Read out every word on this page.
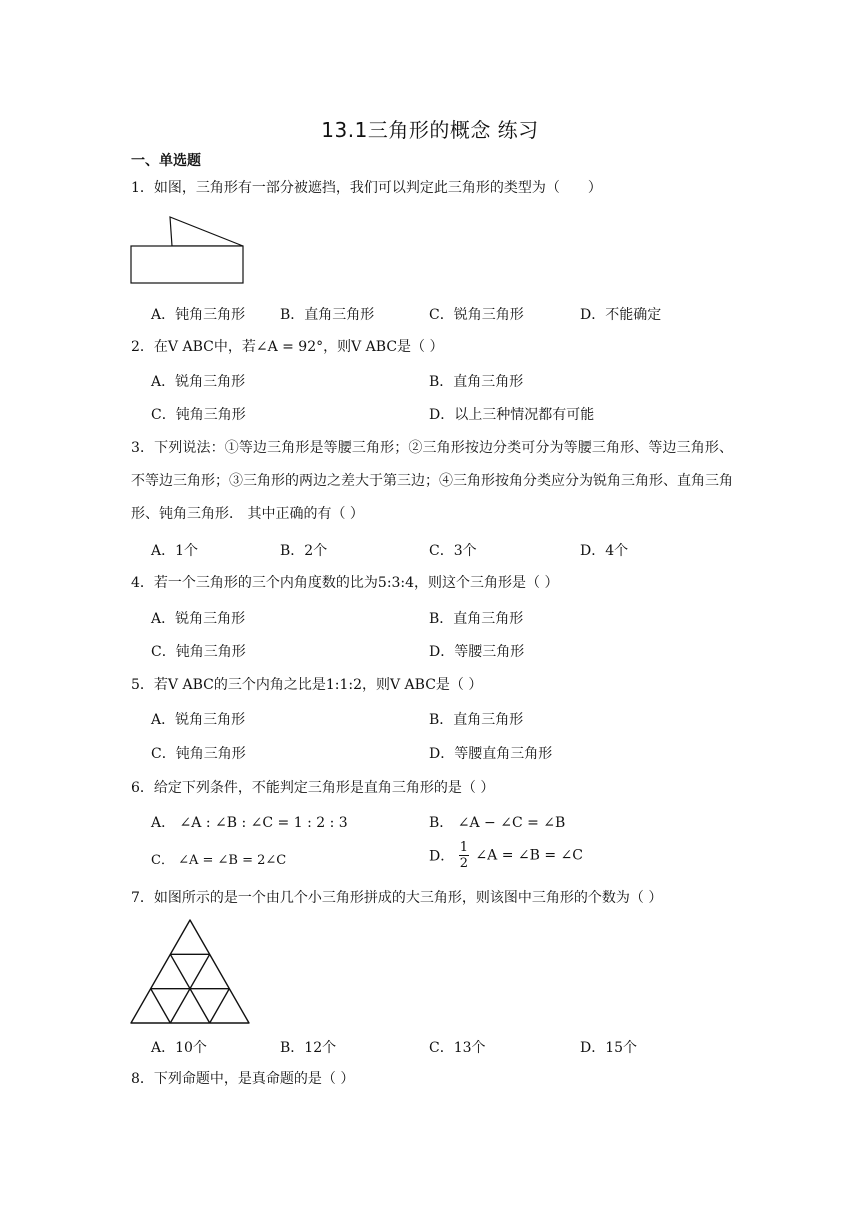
13.1三角形的概念 练习
一、单选题
1．如图，三角形有一部分被遮挡，我们可以判定此三角形的类型为（　　）
A．钝角三角形 B．直角三角形	C．锐角三角形	D．不能确定
2．在V ABC中，若∠A = 92°，则V ABC是（ ）
A．锐角三角形	B．直角三角形
C．钝角三角形	D．以上三种情况都有可能
3．下列说法：①等边三角形是等腰三角形；②三角形按边分类可分为等腰三角形、等边三角形、不等边三角形；③三角形的两边之差大于第三边；④三角形按角分类应分为锐角三角形、直角三角形、钝角三角形． 其中正确的有（ ）
A．1个	B．2个	C．3个	D．4个
4．若一个三角形的三个内角度数的比为5:3:4，则这个三角形是（ ）
A．锐角三角形	B．直角三角形
C．钝角三角形	D．等腰三角形
5．若V ABC的三个内角之比是1:1:2，则V ABC是（ ）
A．锐角三角形	B．直角三角形
C．钝角三角形	D．等腰直角三角形
6．给定下列条件，不能判定三角形是直角三角形的是（ ）
A． ∠A : ∠B : ∠C = 1 : 2 : 3	B． ∠A − ∠C = ∠B
C． ∠A = ∠B = 2∠C	D． $\frac{1}{2}$ ∠A = ∠B = ∠C
7．如图所示的是一个由几个小三角形拼成的大三角形，则该图中三角形的个数为（ ）
A．10个	B．12个	C．13个	D．15个
8．下列命题中，是真命题的是（ ）
